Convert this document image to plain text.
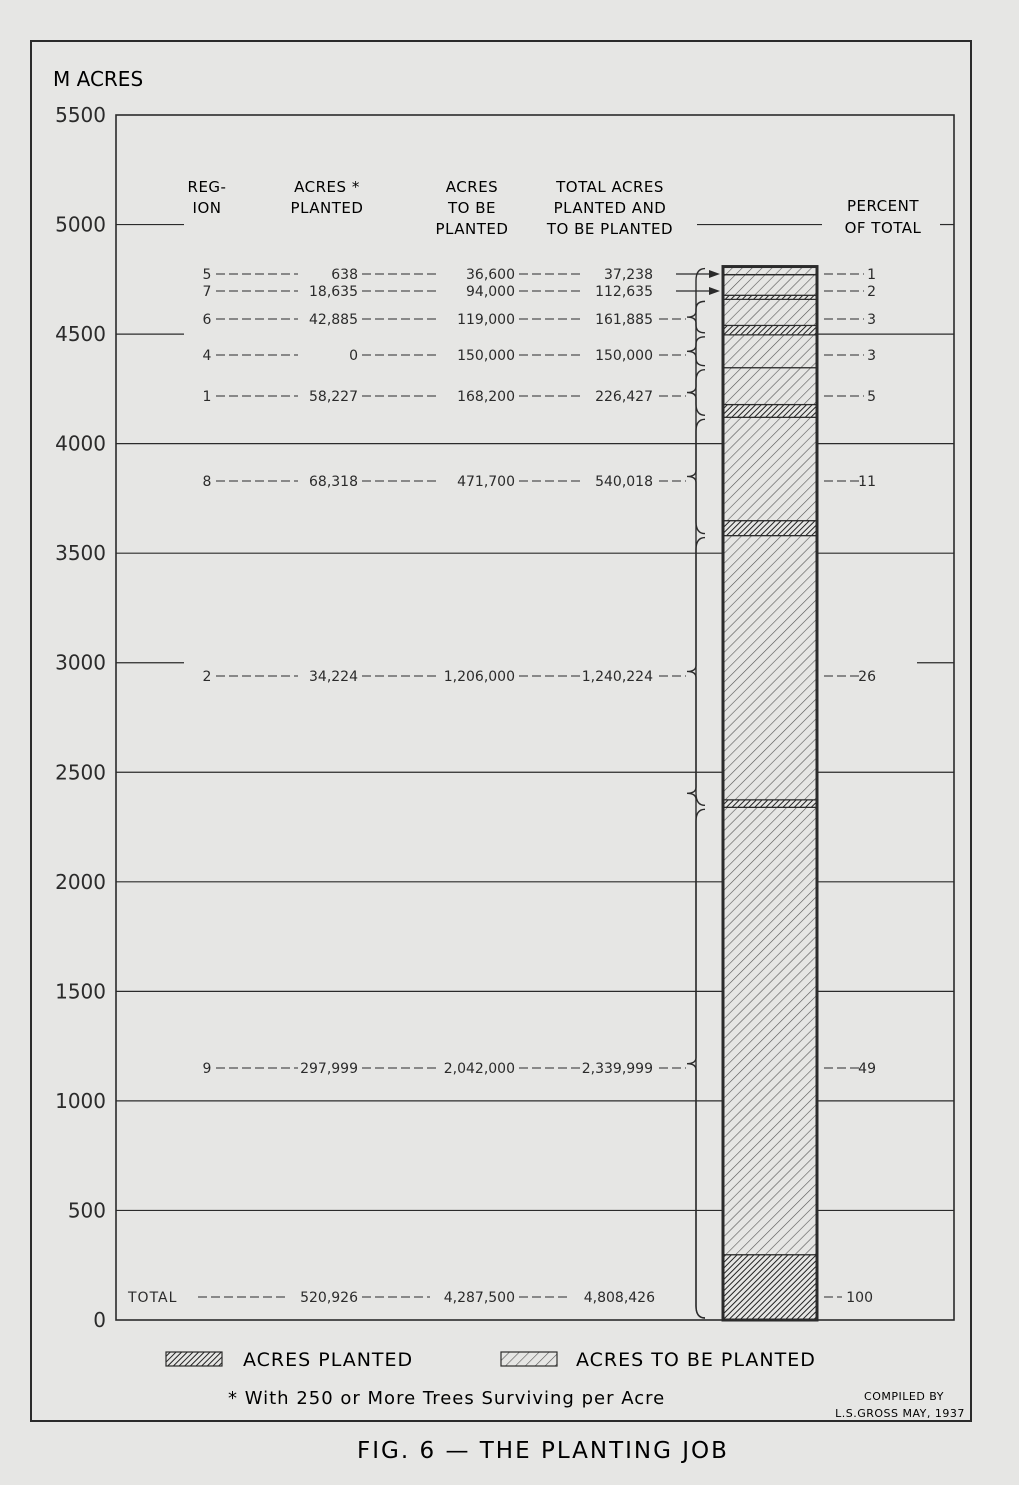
M ACRES
0
500
1000
1500
2000
2500
3000
3500
4000
4500
5000
5500
REG-ION
ACRES * PLANTED
ACRES TO BE PLANTED
TOTAL ACRES PLANTED AND TO BE PLANTED
PERCENT OF TOTAL
9	297,999	2,042,000	2,339,999	49
2	34,224	1,206,000	1,240,224	26
8	68,318	471,700	540,018	11
1	58,227	168,200	226,427	5
4	0	150,000	150,000	3
6	42,885	119,000	161,885	3
7	18,635	94,000	112,635	2
5	638	36,600	37,238	1
TOTAL	520,926	4,287,500	4,808,426	100
ACRES PLANTED	ACRES TO BE PLANTED
* With 250 or More Trees Surviving per Acre	COMPILED BY
L.S.GROSS MAY, 1937
FIG. 6 — THE PLANTING JOB
